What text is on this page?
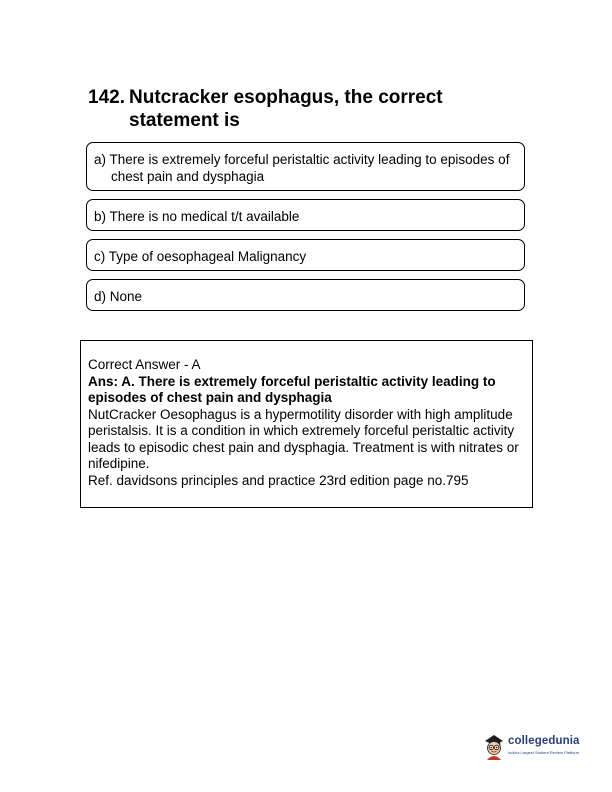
142. Nutcracker esophagus, the correct statement is
a) There is extremely forceful peristaltic activity leading to episodes of chest pain and dysphagia
b) There is no medical t/t available
c) Type of oesophageal Malignancy
d) None
Correct Answer - A
Ans: A. There is extremely forceful peristaltic activity leading to episodes of chest pain and dysphagia
NutCracker Oesophagus is a hypermotility disorder with high amplitude peristalsis. It is a condition in which extremely forceful peristaltic activity leads to episodic chest pain and dysphagia. Treatment is with nitrates or nifedipine.
Ref. davidsons principles and practice 23rd edition page no.795
collegedunia
India's Largest Student Review Platform
